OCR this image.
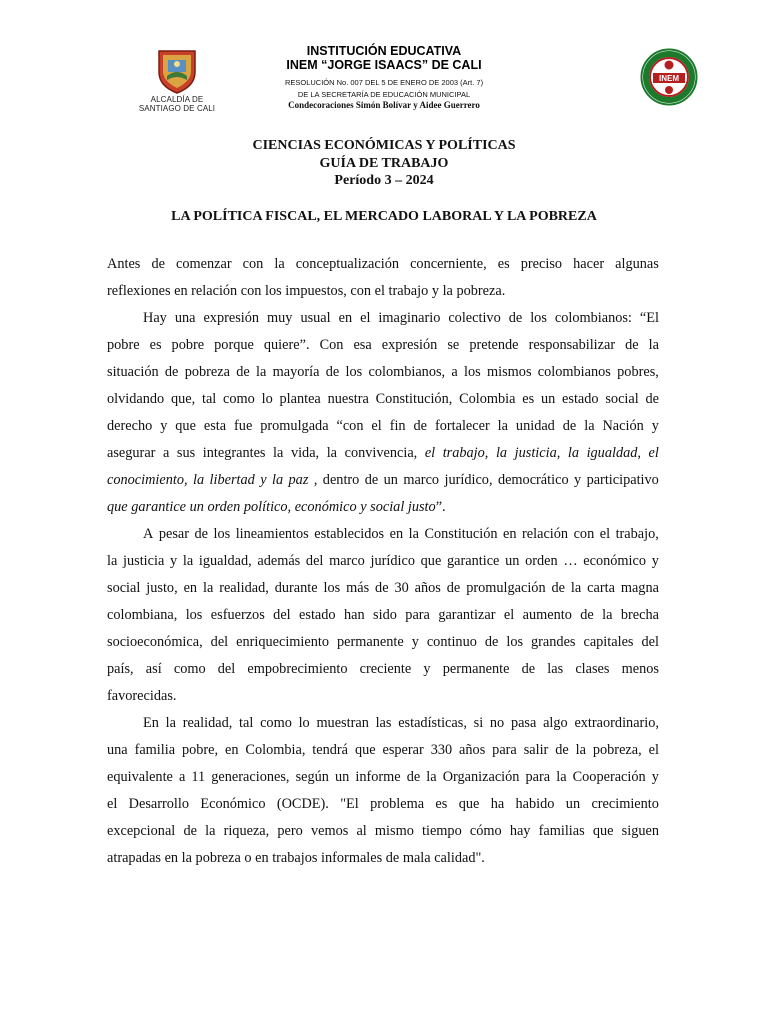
ALCALDÍA DE
SANTIAGO DE CALI
INSTITUCIÓN EDUCATIVA
INEM “JORGE ISAACS” DE CALI
RESOLUCIÓN No. 007 DEL 5 DE ENERO DE 2003 (Art. 7)
DE LA SECRETARÍA DE EDUCACIÓN MUNICIPAL
Condecoraciones Simón Bolívar y Aidee Guerrero
INEM
CIENCIAS ECONÓMICAS Y POLÍTICAS
GUÍA DE TRABAJO
Período 3 – 2024
LA POLÍTICA FISCAL, EL MERCADO LABORAL Y LA POBREZA
Antes de comenzar con la conceptualización concerniente, es preciso hacer algunas
reflexiones en relación con los impuestos, con el trabajo y la pobreza.
Hay una expresión muy usual en el imaginario colectivo de los colombianos: “El
pobre es pobre porque quiere”. Con esa expresión se pretende responsabilizar de la
situación de pobreza de la mayoría de los colombianos, a los mismos colombianos pobres,
olvidando que, tal como lo plantea nuestra Constitución, Colombia es un estado social de
derecho y que esta fue promulgada “con el fin de fortalecer la unidad de la Nación y
asegurar a sus integrantes la vida, la convivencia, el trabajo, la justicia, la igualdad, el
conocimiento, la libertad y la paz , dentro de un marco jurídico, democrático y participativo
que garantice un orden político, económico y social justo ”.
A pesar de los lineamientos establecidos en la Constitución en relación con el trabajo,
la justicia y la igualdad, además del marco jurídico que garantice un orden … económico y
social justo, en la realidad, durante los más de 30 años de promulgación de la carta magna
colombiana, los esfuerzos del estado han sido para garantizar el aumento de la brecha
socioeconómica, del enriquecimiento permanente y continuo de los grandes capitales del
país, así como del empobrecimiento creciente y permanente de las clases menos
favorecidas.
En la realidad, tal como lo muestran las estadísticas, si no pasa algo extraordinario,
una familia pobre, en Colombia, tendrá que esperar 330 años para salir de la pobreza, el
equivalente a 11 generaciones, según un informe de la Organización para la Cooperación y
el Desarrollo Económico (OCDE). "El problema es que ha habido un crecimiento
excepcional de la riqueza, pero vemos al mismo tiempo cómo hay familias que siguen
atrapadas en la pobreza o en trabajos informales de mala calidad".
